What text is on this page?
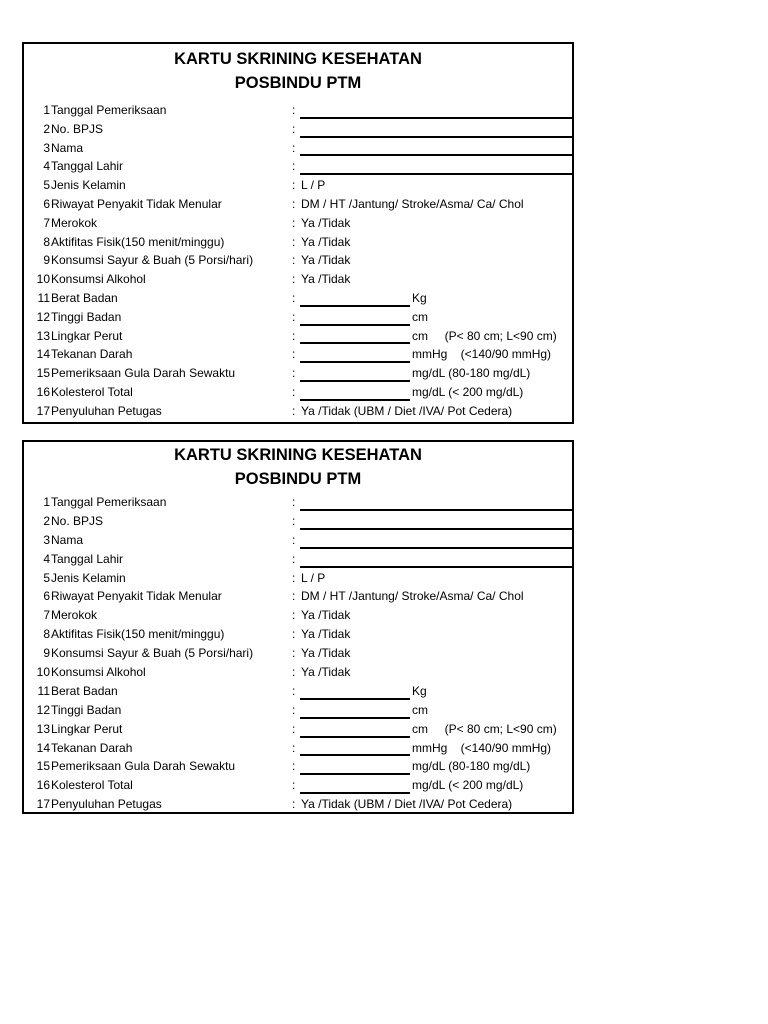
KARTU SKRINING KESEHATAN
POSBINDU PTM
1 Tanggal Pemeriksaan	:
2 No. BPJS	:
3 Nama	:
4 Tanggal Lahir	:
5 Jenis Kelamin	: L / P
6 Riwayat Penyakit Tidak Menular	: DM / HT /Jantung/ Stroke/Asma/ Ca/ Chol
7 Merokok	: Ya /Tidak
8 Aktifitas Fisik(150 menit/minggu)	: Ya /Tidak
9 Konsumsi Sayur & Buah (5 Porsi/hari)	: Ya /Tidak
10 Konsumsi Alkohol	: Ya /Tidak
11 Berat Badan	:	Kg
12 Tinggi Badan	:	cm
13 Lingkar Perut	:	cm     (P< 80 cm; L<90 cm)
14 Tekanan Darah	:	mmHg    (<140/90 mmHg)
15 Pemeriksaan Gula Darah Sewaktu	:	mg/dL (80-180 mg/dL)
16 Kolesterol Total	:	mg/dL (< 200 mg/dL)
17 Penyuluhan Petugas	: Ya /Tidak (UBM / Diet /IVA/ Pot Cedera)
KARTU SKRINING KESEHATAN
POSBINDU PTM
1 Tanggal Pemeriksaan	:
2 No. BPJS	:
3 Nama	:
4 Tanggal Lahir	:
5 Jenis Kelamin	: L / P
6 Riwayat Penyakit Tidak Menular	: DM / HT /Jantung/ Stroke/Asma/ Ca/ Chol
7 Merokok	: Ya /Tidak
8 Aktifitas Fisik(150 menit/minggu)	: Ya /Tidak
9 Konsumsi Sayur & Buah (5 Porsi/hari)	: Ya /Tidak
10 Konsumsi Alkohol	: Ya /Tidak
11 Berat Badan	:	Kg
12 Tinggi Badan	:	cm
13 Lingkar Perut	:	cm     (P< 80 cm; L<90 cm)
14 Tekanan Darah	:	mmHg    (<140/90 mmHg)
15 Pemeriksaan Gula Darah Sewaktu	:	mg/dL (80-180 mg/dL)
16 Kolesterol Total	:	mg/dL (< 200 mg/dL)
17 Penyuluhan Petugas	: Ya /Tidak (UBM / Diet /IVA/ Pot Cedera)
